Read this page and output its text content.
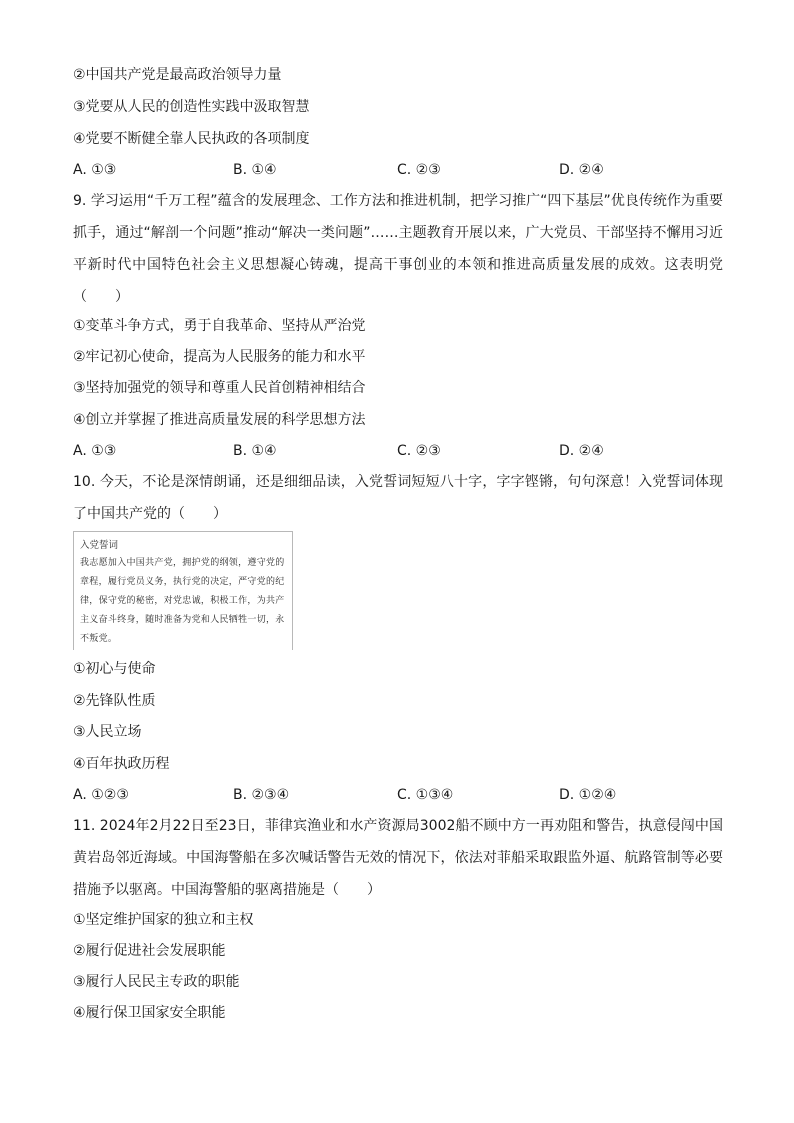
②中国共产党是最高政治领导力量
③党要从人民的创造性实践中汲取智慧
④党要不断健全靠人民执政的各项制度
A. ①③	B. ①④	C. ②③	D. ②④
9. 学习运用“千万工程”蕴含的发展理念、工作方法和推进机制，把学习推广“四下基层”优良传统作为重要抓手，通过“解剖一个问题”推动“解决一类问题”……主题教育开展以来，广大党员、干部坚持不懈用习近平新时代中国特色社会主义思想凝心铸魂，提高干事创业的本领和推进高质量发展的成效。这表明党（　　）
①变革斗争方式，勇于自我革命、坚持从严治党
②牢记初心使命，提高为人民服务的能力和水平
③坚持加强党的领导和尊重人民首创精神相结合
④创立并掌握了推进高质量发展的科学思想方法
A. ①③	B. ①④	C. ②③	D. ②④
10. 今天，不论是深情朗诵，还是细细品读，入党誓词短短八十字，字字铿锵，句句深意！入党誓词体现了中国共产党的（　　）
入党誓词
我志愿加入中国共产党，拥护党的纲领，遵守党的章程，履行党员义务，执行党的决定，严守党的纪律，保守党的秘密，对党忠诚，积极工作，为共产主义奋斗终身，随时准备为党和人民牺牲一切，永不叛党。
①初心与使命
②先锋队性质
③人民立场
④百年执政历程
A. ①②③	B. ②③④	C. ①③④	D. ①②④
11. 2024年2月22日至23日，菲律宾渔业和水产资源局3002船不顾中方一再劝阻和警告，执意侵闯中国黄岩岛邻近海域。中国海警船在多次喊话警告无效的情况下，依法对菲船采取跟监外逼、航路管制等必要措施予以驱离。中国海警船的驱离措施是（　　）
①坚定维护国家的独立和主权
②履行促进社会发展职能
③履行人民民主专政的职能
④履行保卫国家安全职能
